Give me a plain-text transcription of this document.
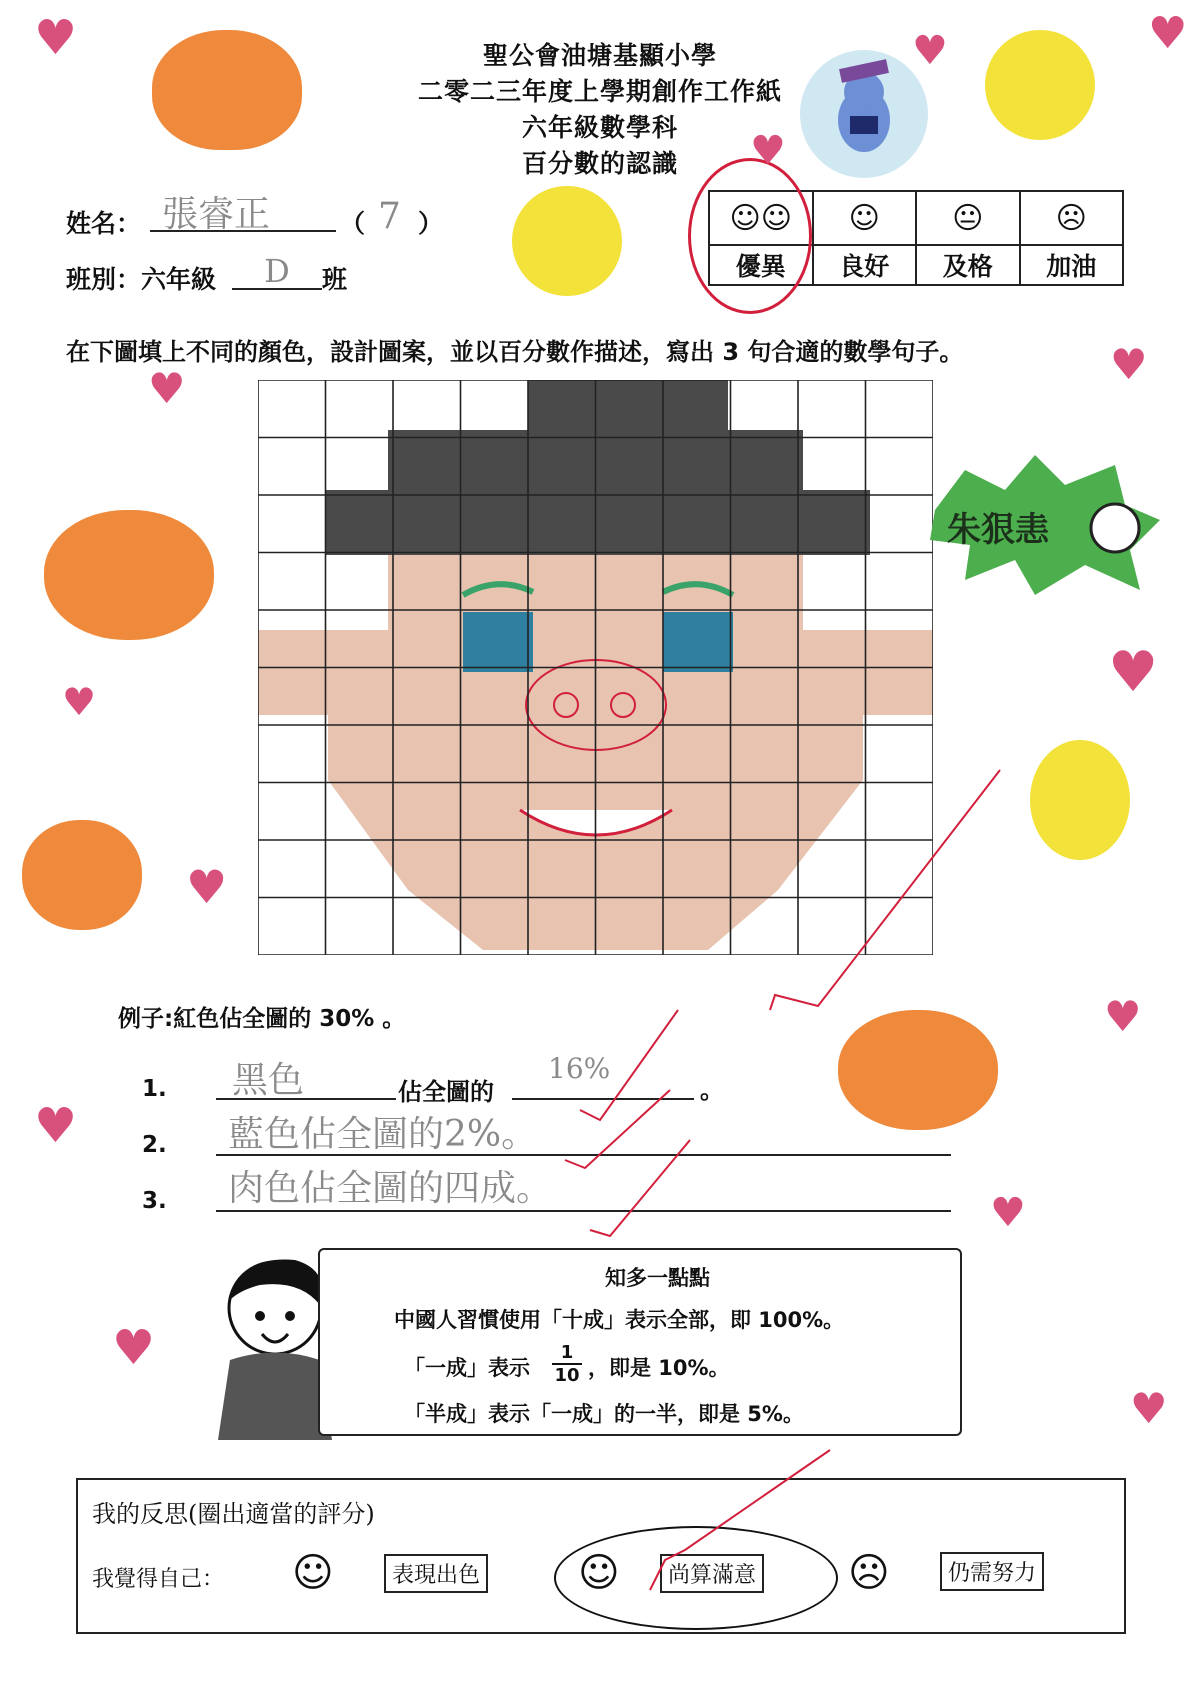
聖公會油塘基顯小學
二零二三年度上學期創作工作紙
六年級數學科
百分數的認識
姓名： 張睿正	（ 7 ）
班別：六年級	D	班
☺☺	☺	😐	☹
優異	良好	及格	加油
在下圖填上不同的顏色，設計圖案，並以百分數作描述，寫出 3 句合適的數學句子。
朱狠恚
例子:紅色佔全圖的 30% 。
1.	黑色	佔全圖的
16%
。
2.	藍色佔全圖的2%。
3.	肉色佔全圖的四成。
知多一點點
中國人習慣使用「十成」表示全部，即 100%。
「一成」表示 $\frac{1}{10}$ ，即是 10%。
「半成」表示「一成」的一半，即是 5%。
我的反思(圈出適當的評分)
我覺得自己： ☺	表現出色 ☺	尚算滿意 ☹	仍需努力
♥	♥
♥
♥
♥	♥
♥	♥
♥
♥
♥
♥
♥
♥
